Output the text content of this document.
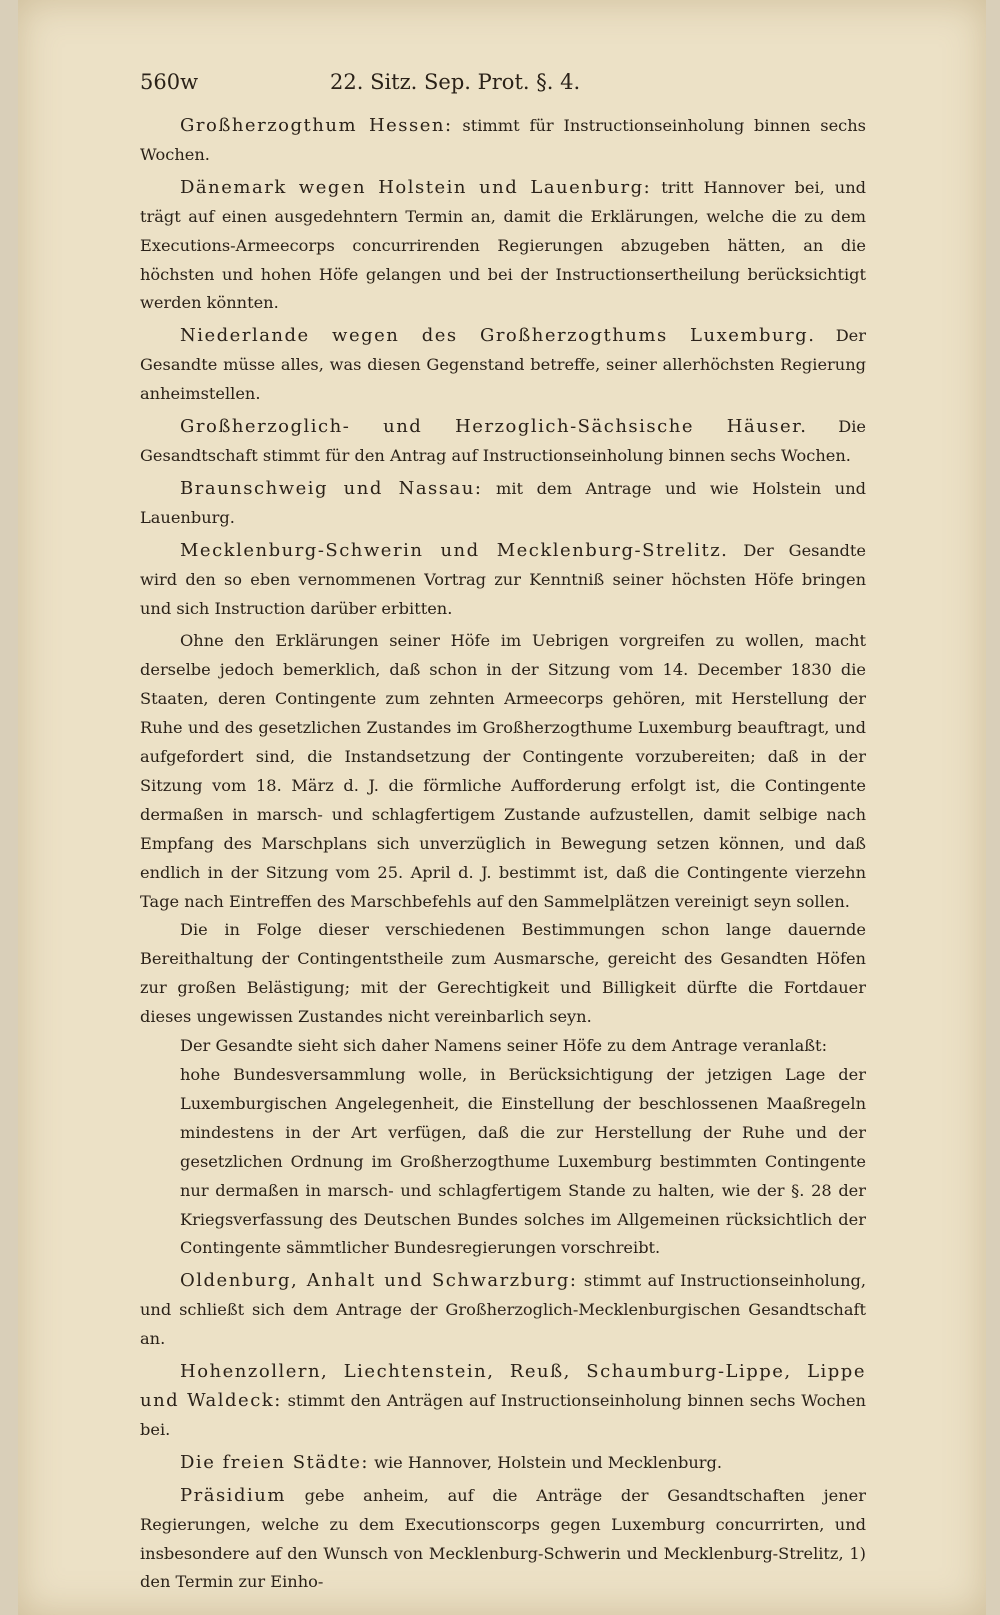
560w	22. Sitz. Sep. Prot. §. 4.

Großherzogthum Hessen: stimmt für Instructionseinholung binnen sechs Wochen.

Dänemark wegen Holstein und Lauenburg: tritt Hannover bei, und trägt auf einen ausgedehntern Termin an, damit die Erklärungen, welche die zu dem Executions-Armeecorps concurrirenden Regierungen abzugeben hätten, an die höchsten und hohen Höfe gelangen und bei der Instructionsertheilung berücksichtigt werden könnten.

Niederlande wegen des Großherzogthums Luxemburg. Der Gesandte müsse alles, was diesen Gegenstand betreffe, seiner allerhöchsten Regierung anheimstellen.

Großherzoglich- und Herzoglich-Sächsische Häuser. Die Gesandtschaft stimmt für den Antrag auf Instructionseinholung binnen sechs Wochen.

Braunschweig und Nassau: mit dem Antrage und wie Holstein und Lauenburg.

Mecklenburg-Schwerin und Mecklenburg-Strelitz. Der Gesandte wird den so eben vernommenen Vortrag zur Kenntniß seiner höchsten Höfe bringen und sich Instruction darüber erbitten.

Ohne den Erklärungen seiner Höfe im Uebrigen vorgreifen zu wollen, macht derselbe jedoch bemerklich, daß schon in der Sitzung vom 14. December 1830 die Staaten, deren Contingente zum zehnten Armeecorps gehören, mit Herstellung der Ruhe und des gesetzlichen Zustandes im Großherzogthume Luxemburg beauftragt, und aufgefordert sind, die Instandsetzung der Contingente vorzubereiten; daß in der Sitzung vom 18. März d. J. die förmliche Aufforderung erfolgt ist, die Contingente dermaßen in marsch- und schlagfertigem Zustande aufzustellen, damit selbige nach Empfang des Marschplans sich unverzüglich in Bewegung setzen können, und daß endlich in der Sitzung vom 25. April d. J. bestimmt ist, daß die Contingente vierzehn Tage nach Eintreffen des Marschbefehls auf den Sammelplätzen vereinigt seyn sollen.

Die in Folge dieser verschiedenen Bestimmungen schon lange dauernde Bereithaltung der Contingentstheile zum Ausmarsche, gereicht des Gesandten Höfen zur großen Belästigung; mit der Gerechtigkeit und Billigkeit dürfte die Fortdauer dieses ungewissen Zustandes nicht vereinbarlich seyn.

Der Gesandte sieht sich daher Namens seiner Höfe zu dem Antrage veranlaßt:

hohe Bundesversammlung wolle, in Berücksichtigung der jetzigen Lage der Luxemburgischen Angelegenheit, die Einstellung der beschlossenen Maaßregeln mindestens in der Art verfügen, daß die zur Herstellung der Ruhe und der gesetzlichen Ordnung im Großherzogthume Luxemburg bestimmten Contingente nur dermaßen in marsch- und schlagfertigem Stande zu halten, wie der §. 28 der Kriegsverfassung des Deutschen Bundes solches im Allgemeinen rücksichtlich der Contingente sämmtlicher Bundesregierungen vorschreibt.

Oldenburg, Anhalt und Schwarzburg: stimmt auf Instructionseinholung, und schließt sich dem Antrage der Großherzoglich-Mecklenburgischen Gesandtschaft an.

Hohenzollern, Liechtenstein, Reuß, Schaumburg-Lippe, Lippe und Waldeck: stimmt den Anträgen auf Instructionseinholung binnen sechs Wochen bei.

Die freien Städte: wie Hannover, Holstein und Mecklenburg.

Präsidium gebe anheim, auf die Anträge der Gesandtschaften jener Regierungen, welche zu dem Executionscorps gegen Luxemburg concurrirten, und insbesondere auf den Wunsch von Mecklenburg-Schwerin und Mecklenburg-Strelitz, 1) den Termin zur Einho-
